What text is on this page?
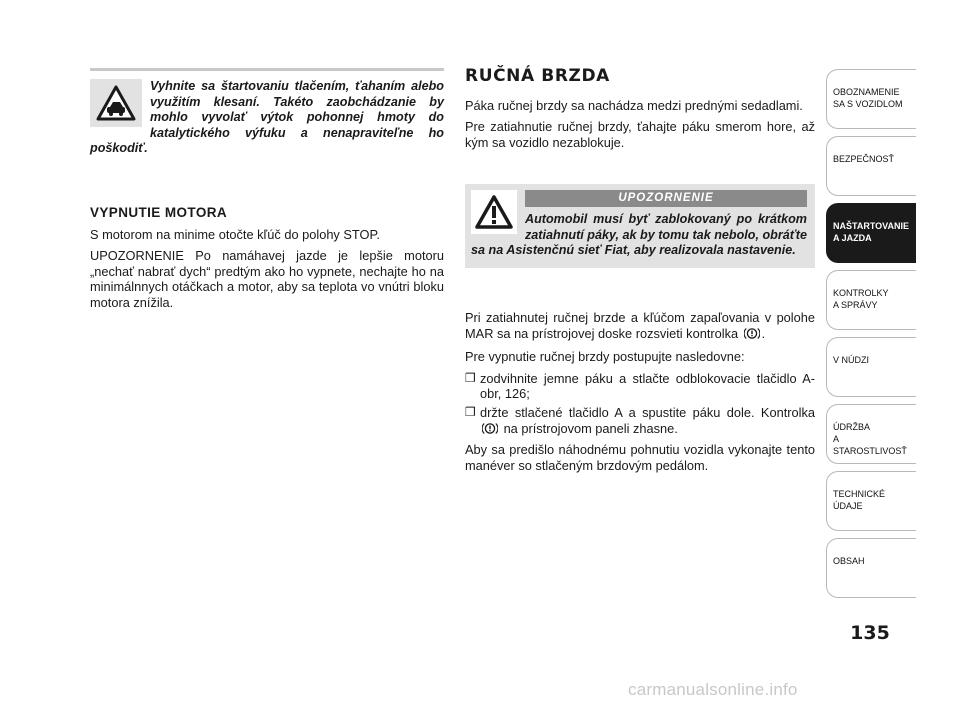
Vyhnite sa štartovaniu tlačením, ťahaním alebo využitím klesaní. Takéto zaobchádzanie by mohlo vyvolať výtok pohonnej hmoty do katalytického výfuku a nenapraviteľne ho poškodiť.

VYPNUTIE MOTORA

S motorom na minime otočte kľúč do polohy STOP.

UPOZORNENIE Po namáhavej jazde je lepšie motoru „nechať nabrať dych“ predtým ako ho vypnete, nechajte ho na minimálnnych otáčkach a motor, aby sa teplota vo vnútri bloku motora znížila.

RUČNÁ BRZDA

Páka ručnej brzdy sa nachádza medzi prednými sedadlami.

Pre zatiahnutie ručnej brzdy, ťahajte páku smerom hore, až kým sa vozidlo nezablokuje.

UPOZORNENIE

Automobil musí byť zablokovaný po krátkom zatiahnutí páky, ak by tomu tak nebolo, obráťte sa na Asistenčnú sieť Fiat, aby realizovala nastavenie.

Pri zatiahnutej ručnej brzde a kľúčom zapaľovania v polohe MAR sa na prístrojovej doske rozsvieti kontrolka .

Pre vypnutie ručnej brzdy postupujte nasledovne:

❒ zodvihnite jemne páku a stlačte odblokovacie tlačidlo A-obr, 126;
❒ držte stlačené tlačidlo A a spustite páku dole. Kontrolka  na prístrojovom paneli zhasne.

Aby sa predišlo náhodnému pohnutiu vozidla vykonajte tento manéver so stlačeným brzdovým pedálom.

OBOZNAMENIE
SA S VOZIDLOM
BEZPEČNOSŤ
NAŠTARTOVANIE
A JAZDA
KONTROLKY
A SPRÁVY
V NÚDZI
ÚDRŽBA
A STAROSTLIVOSŤ
TECHNICKÉ
ÚDAJE
OBSAH
135
carmanualsonline.info
